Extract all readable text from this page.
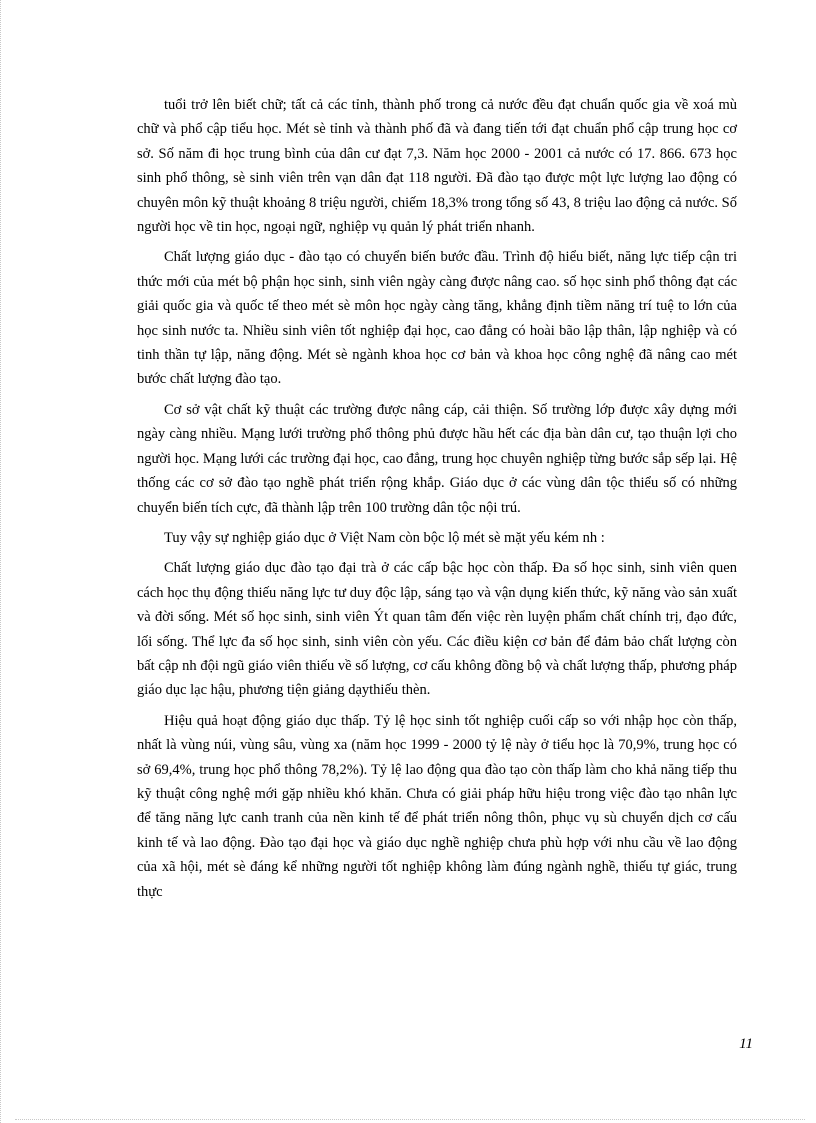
tuổi trở lên biết chữ; tất cả các tỉnh, thành phố trong cả nước đều đạt chuẩn quốc gia về xoá mù chữ và phổ cập tiểu học. Mét sè tỉnh và thành phố đã và đang tiến tới đạt chuẩn phổ cập trung học cơ sở. Số năm đi học trung bình của dân cư đạt 7,3. Năm học 2000 - 2001 cả nước có 17. 866. 673 học sinh phổ thông, sè sinh viên trên vạn dân đạt 118 người. Đã đào tạo được một lực lượng lao động có chuyên môn kỹ thuật khoảng 8 triệu người, chiếm 18,3% trong tổng số 43, 8 triệu lao động cả nước. Số người học về tin học, ngoại ngữ, nghiệp vụ quản lý phát triển nhanh.

Chất lượng giáo dục - đào tạo có chuyển biến bước đầu. Trình độ hiểu biết, năng lực tiếp cận tri thức mới của mét bộ phận học sinh, sinh viên ngày càng được nâng cao. số học sinh phổ thông đạt các giải quốc gia và quốc tế theo mét sè môn học ngày càng tăng, khẳng định tiềm năng trí tuệ to lớn của học sinh nước ta. Nhiều sinh viên tốt nghiệp đại học, cao đẳng có hoài bão lập thân, lập nghiệp và có tinh thần tự lập, năng động. Mét sè ngành khoa học cơ bản và khoa học công nghệ đã nâng cao mét bước chất lượng đào tạo.

Cơ sở vật chất kỹ thuật các trường được nâng cáp, cải thiện. Số trường lớp được xây dựng mới ngày càng nhiều. Mạng lưới trường phổ thông phủ được hầu hết các địa bàn dân cư, tạo thuận lợi cho người học. Mạng lưới các trường đại học, cao đẳng, trung học chuyên nghiệp từng bước sắp sếp lại. Hệ thống các cơ sở đào tạo nghề phát triển rộng khắp. Giáo dục ở các vùng dân tộc thiểu số có những chuyển biến tích cực, đã thành lập trên 100 trường dân tộc nội trú.

Tuy vậy sự nghiệp giáo dục ở Việt Nam còn bộc lộ mét sè mặt yếu kém nh :

Chất lượng giáo dục đào tạo đại trà ở các cấp bậc học còn thấp. Đa số học sinh, sinh viên quen cách học thụ động thiếu năng lực tư duy độc lập, sáng tạo và vận dụng kiến thức, kỹ năng vào sản xuất và đời sống. Mét số học sinh, sinh viên Ýt quan tâm đến việc rèn luyện phẩm chất chính trị, đạo đức, lối sống. Thể lực đa số học sinh, sinh viên còn yếu. Các điều kiện cơ bản để đảm bảo chất lượng còn bất cập nh đội ngũ giáo viên thiếu về số lượng, cơ cấu không đồng bộ và chất lượng thấp, phương pháp giáo dục lạc hậu, phương tiện giảng dạythiếu thèn.

Hiệu quả hoạt động giáo dục thấp. Tỷ lệ học sinh tốt nghiệp cuối cấp so với nhập học còn thấp, nhất là vùng núi, vùng sâu, vùng xa (năm học 1999 - 2000 tỷ lệ này ở tiểu học là 70,9%, trung học có sở 69,4%, trung học phổ thông 78,2%). Tỷ lệ lao động qua đào tạo còn thấp làm cho khả năng tiếp thu kỹ thuật công nghệ mới gặp nhiều khó khăn. Chưa có giải pháp hữu hiệu trong việc đào tạo nhân lực để tăng năng lực canh tranh của nền kinh tế để phát triển nông thôn, phục vụ sù chuyển dịch cơ cấu kinh tế và lao động. Đào tạo đại học và giáo dục nghề nghiệp chưa phù hợp với nhu cầu về lao động của xã hội, mét sè đáng kể những người tốt nghiệp không làm đúng ngành nghề, thiếu tự giác, trung thực

11
